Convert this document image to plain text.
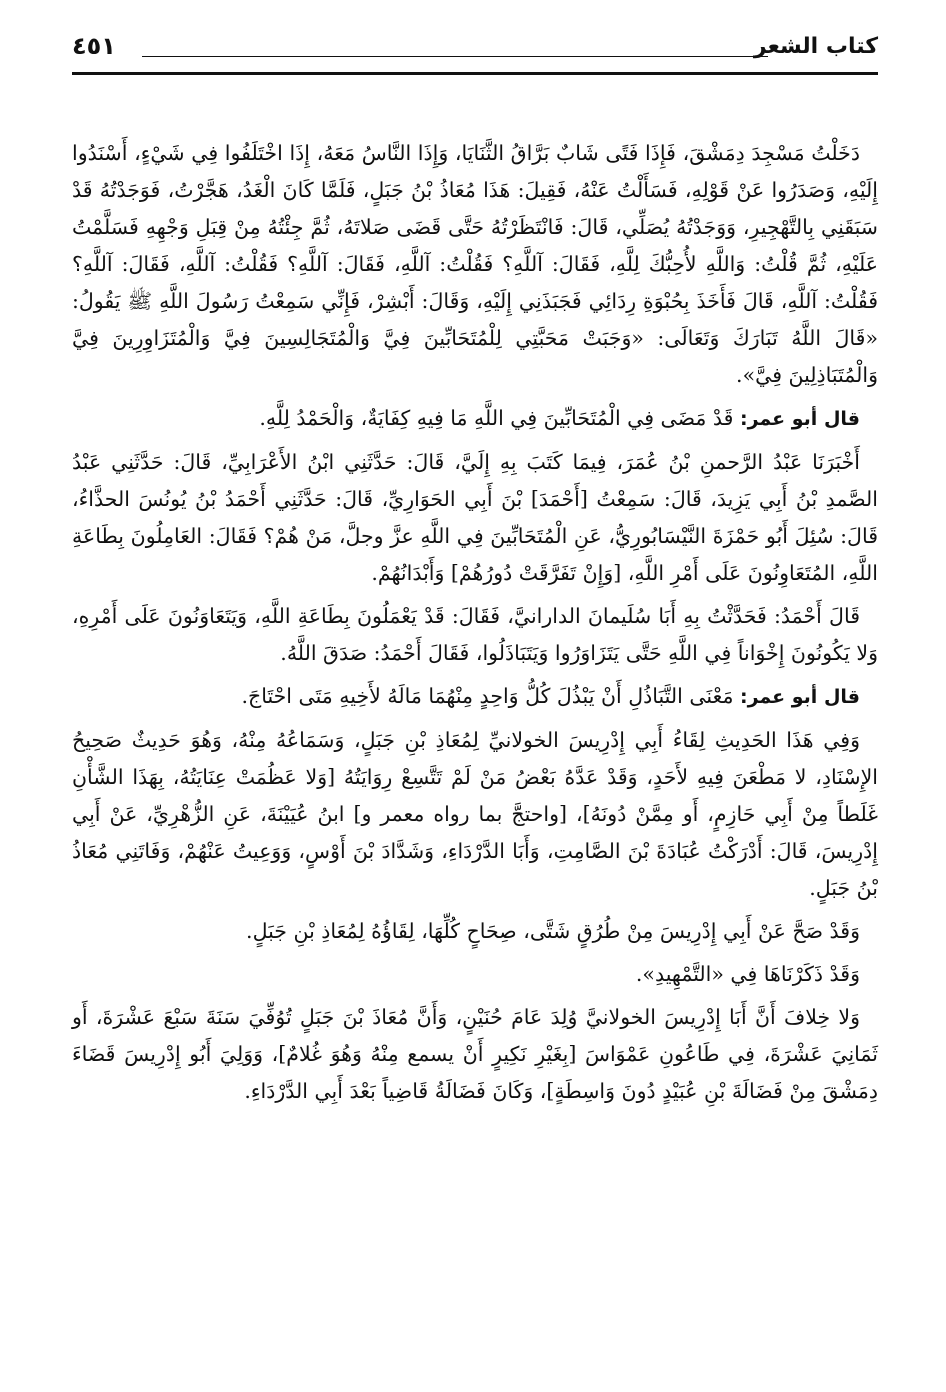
كتاب الشعر
٤٥١

دَخَلْتُ مَسْجِدَ دِمَشْقَ، فَإِذَا فَتًى شَابٌ بَرَّاقُ الثَّنَايَا، وَإِذَا النَّاسُ مَعَهُ، إِذَا اخْتَلَفُوا فِي شَيْءٍ، أَسْنَدُوا إِلَيْهِ، وَصَدَرُوا عَنْ قَوْلِهِ، فَسَأَلْتُ عَنْهُ، فَقِيلَ: هَذَا مُعَاذُ بْنُ جَبَلٍ، فَلَمَّا كَانَ الْغَدُ، هَجَّرْتُ، فَوَجَدْتُهُ قَدْ سَبَقَنِي بِالتَّهْجِيرِ، وَوَجَدْتُهُ يُصَلِّي، قَالَ: فَانْتَظَرْتُهُ حَتَّى قَضَى صَلاتَهُ، ثُمَّ جِئْتُهُ مِنْ قِبَلِ وَجْهِهِ فَسَلَّمْتُ عَلَيْهِ، ثُمَّ قُلْتُ: وَاللَّهِ لأُحِبُّكَ لِلَّهِ، فَقَالَ: آللَّهِ؟ فَقُلْتُ: آللَّهِ، فَقَالَ: آللَّهِ؟ فَقُلْتُ: آللَّهِ، فَقَالَ: آللَّهِ؟ فَقُلْتُ: آللَّهِ، قَالَ فَأَخَذَ بِحُبْوَةِ رِدَائِي فَجَبَذَنِي إِلَيْهِ، وَقَالَ: أَبْشِرْ، فَإِنِّي سَمِعْتُ رَسُولَ اللَّهِ ﷺ يَقُولُ: «قَالَ اللَّهُ تَبَارَكَ وَتَعَالَى: «وَجَبَتْ مَحَبَّتِي لِلْمُتَحَابِّينَ فِيَّ وَالْمُتَجَالِسِينَ فِيَّ وَالْمُتَزَاوِرِينَ فِيَّ وَالْمُتَبَاذِلِينَ فِيَّ».

قال أبو عمر: قَدْ مَضَى فِي الْمُتَحَابِّينَ فِي اللَّهِ مَا فِيهِ كِفَايَةٌ، وَالْحَمْدُ لِلَّهِ.

أَخْبَرَنَا عَبْدُ الرَّحمنِ بْنُ عُمَرَ، فِيمَا كَتَبَ بِهِ إِلَيَّ، قَالَ: حَدَّثَنِي ابْنُ الأَعْرَابِيِّ، قَالَ: حَدَّثَنِي عَبْدُ الصَّمدِ بْنُ أَبِي يَزِيدَ، قَالَ: سَمِعْتُ [أَحْمَدَ] بْنَ أَبِي الحَوَارِيِّ، قَالَ: حَدَّثَنِي أَحْمَدُ بْنُ يُونُسَ الحذَّاءُ، قَالَ: سُئِلَ أَبُو حَمْزَةَ النَّيْسَابُورِيُّ، عَنِ الْمُتَحَابِّينَ فِي اللَّهِ عزَّ وجلَّ، مَنْ هُمْ؟ فَقَالَ: العَامِلُونَ بِطَاعَةِ اللَّهِ، المُتَعَاوِنُونَ عَلَى أَمْرِ اللَّهِ، [وَإِنْ تَفَرَّقَتْ دُورُهُمْ] وَأَبْدَانُهُمْ.

قَالَ أَحْمَدُ: فَحَدَّثْتُ بِهِ أَبَا سُلَيمانَ الدارانيَّ، فَقَالَ: قَدْ يَعْمَلُونَ بِطَاعَةِ اللَّهِ، وَيَتَعَاوَنُونَ عَلَى أَمْرِهِ، وَلا يَكُونُونَ إِخْوَاناً فِي اللَّهِ حَتَّى يَتَزَاوَرُوا وَيَتَبَاذَلُوا، فَقَالَ أَحْمَدُ: صَدَقَ اللَّهُ.

قال أبو عمر: مَعْنَى التَّبَاذُلِ أَنْ يَبْذُلَ كُلُّ وَاحِدٍ مِنْهُمَا مَالَهُ لأَخِيهِ مَتَى احْتَاجَ.

وَفِي هَذَا الحَدِيثِ لِقَاءُ أَبِي إِدْرِيسَ الخولانيِّ لِمُعَاذِ بْنِ جَبَلٍ، وَسَمَاعُهُ مِنْهُ، وَهُوَ حَدِيثٌ صَحِيحُ الإِسْنَادِ، لا مَطْعَنَ فِيهِ لأَحَدٍ، وَقَدْ عَدَّهُ بَعْضُ مَنْ لَمْ تَتَّسِعْ رِوَايَتُهُ [وَلا عَظُمَتْ عِنَايَتُهُ، بِهَذَا الشَّأْنِ غَلَطاً مِنْ أَبِي حَازِمٍ، أَو مِمَّنْ دُونَهُ]، [واحتجَّ بما رواه معمر و] ابنُ عُيَيْنَةَ، عَنِ الزُّهْرِيِّ، عَنْ أَبِي إِدْرِيسَ، قَالَ: أَدْرَكْتُ عُبَادَةَ بْنَ الصَّامِتِ، وَأَبَا الدَّرْدَاءِ، وَشَدَّادَ بْنَ أَوْسٍ، وَوَعِيتُ عَنْهُمْ، وَفَاتَنِي مُعَاذُ بْنُ جَبَلٍ.

وَقَدْ صَحَّ عَنْ أَبِي إِدْرِيسَ مِنْ طُرُقٍ شَتَّى، صِحَاحٍ كُلِّهَا، لِقَاؤُهُ لِمُعَاذِ بْنِ جَبَلٍ.

وَقَدْ ذَكَرْنَاهَا فِي «التَّمْهِيدِ».

وَلا خِلافَ أَنَّ أَبَا إِدْرِيسَ الخولانيَّ وُلِدَ عَامَ حُنَيْنٍ، وَأَنَّ مُعَاذَ بْنَ جَبَلٍ تُوُفِّيَ سَنَةَ سَبْعَ عَشْرَةَ، أَو ثَمَانِيَ عَشْرَةَ، فِي طَاعُونِ عَمْوَاسَ [بِغَيْرِ نَكِيرٍ أَنْ يسمع مِنْهُ وَهُوَ غُلامٌ]، وَوَلِيَ أَبُو إِدْرِيسَ قَضَاءَ دِمَشْقَ مِنْ فَضَالَةَ بْنِ عُبَيْدٍ دُونَ وَاسِطَةٍ]، وَكَانَ فَضَالَةُ قَاضِياً بَعْدَ أَبِي الدَّرْدَاءِ.
